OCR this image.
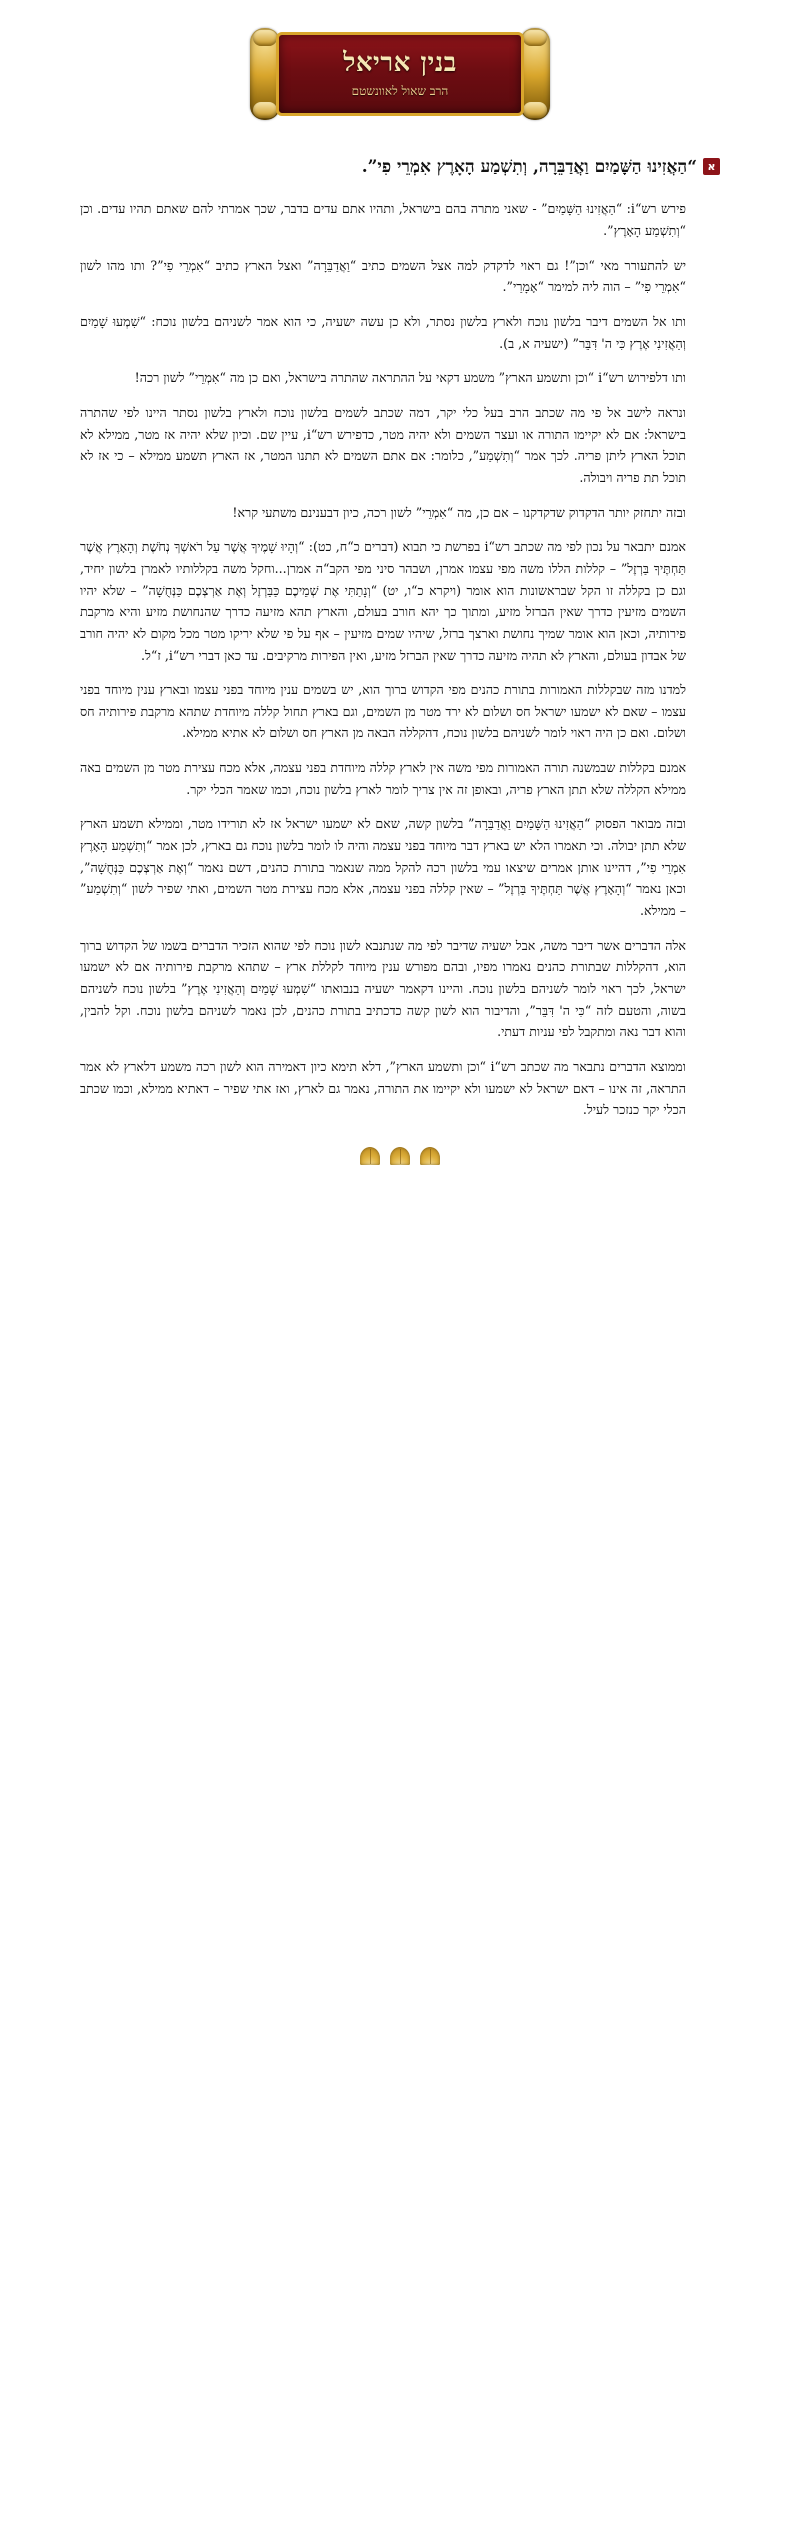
בנין אריאל
הרב שאול לאוונשטם
א“הַאֲזִינוּ הַשָּׁמַיִם וַאֲדַבֵּרָה, וְתִשְׁמַע הָאָרֶץ אִמְרֵי פִי”.

פירש רש“i: “הַאֲזִינוּ הַשָּׁמַיִם” - שאני מתרה בהם בישראל, ותהיו אתם עדים בדבר, שכך אמרתי להם שאתם תהיו עדים. וכן “וְתִשְׁמַע הָאָרֶץ”.

יש להתעורר מאי “וכן”! גם ראוי לדקדק למה אצל השמים כתיב “וַאֲדַבֵּרָה” ואצל הארץ כתיב “אִמְרֵי פִי”? ותו מהו לשון “אִמְרֵי פִי” – הוה ליה למימר “אָמָרַי”.

ותו אל השמים דיבר בלשון נוכח ולארץ בלשון נסתר, ולא כן עשה ישעיה, כי הוא אמר לשניהם בלשון נוכח: “שִׁמְעוּ שָׁמַיִם וְהַאֲזִינִי אֶרֶץ כִּי ה' דִּבֵּר” (ישעיה א, ב).

ותו דלפירוש רש“i “וכן ותשמע הארץ” משמע דקאי על ההתראה שהתרה בישראל, ואם כן מה “אִמְרֵי” לשון רכה!

ונראה לישב אל פי מה שכתב הרב בעל כלי יקר, דמה שכתב לשמים בלשון נוכח ולארץ בלשון נסתר היינו לפי שהתרה בישראל: אם לא יקיימו התורה או ועצר השמים ולא יהיה מטר, כדפירש רש“i, עיין שם. וכיון שלא יהיה אז מטר, ממילא לא תוכל הארץ ליתן פריה. לכך אמר “וְתִשְׁמַע”, כלומר: אם אתם השמים לא תתנו המטר, אז הארץ תשמע ממילא – כי אז לא תוכל תת פריה ויבולה.

ובזה יתחזק יותר הדקדוק שדקדקנו – אם כן, מה “אִמְרֵי” לשון רכה, כיון דבענינם משתעי קרא!

אמנם יתבאר על נכון לפי מה שכתב רש“i בפרשת כי תבוא (דברים כ“ח, כט): “וְהָיוּ שָׁמֶיךָ אֲשֶׁר עַל רֹאשְׁךָ נְחֹשֶׁת וְהָאָרֶץ אֲשֶׁר תַּחְתֶּיךָ בַּרְזֶל” – קללות הללו משה מפי עצמו אמרן, ושבהר סיני מפי הקב“ה אמרן...וחקל משה בקללותיו לאמרן בלשון יחיד, וגם כן בקללה זו הקל שבראשונות הוא אומר (ויקרא כ“ו, יט) “וְנָתַתִּי אֶת שְׁמֵיכֶם כַּבַּרְזֶל וְאֶת אַרְצְכֶם כַּנְּחֻשָׁה” – שלא יהיו השמים מזיעין כדרך שאין הברזל מזיע, ומתוך כך יהא חורב בעולם, והארץ תהא מזיעה כדרך שהנחושת מזיע והיא מרקבת פירותיה, וכאן הוא אומר שמיך נחושת וארצך ברזל, שיהיו שמים מזיעין – אף על פי שלא יריקו מטר מכל מקום לא יהיה חורב של אבדון בעולם, והארץ לא תהיה מזיעה כדרך שאין הברזל מזיע, ואין הפירות מרקיבים. עד כאן דברי רש“i, ז“ל.

למדנו מזה שבקללות האמורות בתורת כהנים מפי הקדוש ברוך הוא, יש בשמים ענין מיוחד בפני עצמו ובארץ ענין מיוחד בפני עצמו – שאם לא ישמעו ישראל חס ושלום לא ירד מטר מן השמים, וגם בארץ תחול קללה מיוחדת שתהא מרקבת פירותיה חס ושלום. ואם כן היה ראוי לומר לשניהם בלשון נוכח, דהקללה הבאה מן הארץ חס ושלום לא אתיא ממילא.

אמנם בקללות שבמשנה תורה האמורות מפי משה אין לארץ קללה מיוחדת בפני עצמה, אלא מכח עצירת מטר מן השמים באה ממילא הקללה שלא תתן הארץ פריה, ובאופן זה אין צריך לומר לארץ בלשון נוכח, וכמו שאמר הכלי יקר.

ובזה מבואר הפסוק “הַאֲזִינוּ הַשָּׁמַיִם וַאֲדַבֵּרָה” בלשון קשה, שאם לא ישמעו ישראל אז לא תורידו מטר, וממילא תשמע הארץ שלא תתן יבולה. וכי תאמרו הלא יש בארץ דבר מיוחד בפני עצמה והיה לו לומר בלשון נוכח גם בארץ, לכן אמר “וְתִשְׁמַע הָאָרֶץ אִמְרֵי פִי”, דהיינו אותן אמרים שיצאו עמי בלשון רכה להקל ממה שנאמר בתורת כהנים, דשם נאמר “וְאֶת אַרְצְכֶם כַּנְּחֻשָׁה”, וכאן נאמר “וְהָאָרֶץ אֲשֶׁר תַּחְתֶּיךָ בַּרְזֶל” – שאין קללה בפני עצמה, אלא מכח עצירת מטר השמים, ואתי שפיר לשון “וְתִשְׁמַע” – ממילא.

אלה הדברים אשר דיבר משה, אבל ישעיה שדיבר לפי מה שנתנבא לשון נוכח לפי שהוא הזכיר הדברים בשמו של הקדוש ברוך הוא, דהקללות שבתורת כהנים נאמרו מפיו, ובהם מפורש ענין מיוחד לקללת ארץ – שתהא מרקבת פירותיה אם לא ישמעו ישראל, לכך ראוי לומר לשניהם בלשון נוכח. והיינו דקאמר ישעיה בנבואתו “שִׁמְעוּ שָׁמַיִם וְהַאֲזִינִי אֶרֶץ” בלשון נוכח לשניהם בשוה, והטעם לזה “כִּי ה' דִּבֵּר”, והדיבור הוא לשון קשה כדכתיב בתורת כהנים, לכן נאמר לשניהם בלשון נוכח. וקל להבין, והוא דבר נאה ומתקבל לפי עניות דעתי.

וממוצא הדברים נתבאר מה שכתב רש“i “וכן ותשמע הארץ”, דלא תימא כיון דאמירה הוא לשון רכה משמע דלארץ לא אמר התראה, זה אינו – דאם ישראל לא ישמעו ולא יקיימו את התורה, נאמר גם לארץ, ואז אתי שפיר – דאתיא ממילא, וכמו שכתב הכלי יקר כנזכר לעיל.
